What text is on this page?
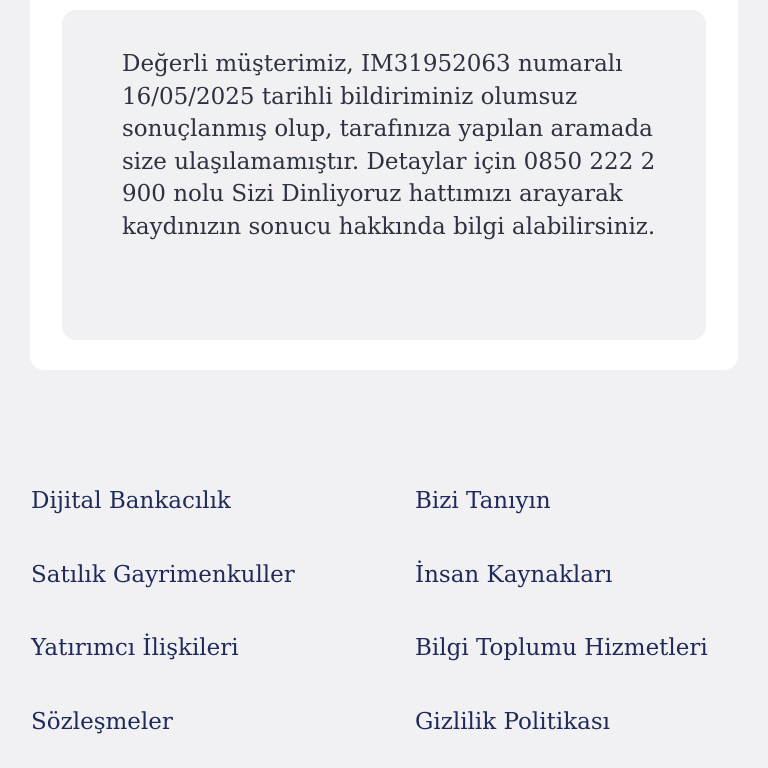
Değerli müşterimiz, IM31952063 numaralı 16/05/2025 tarihli bildiriminiz olumsuz sonuçlanmış olup, tarafınıza yapılan aramada size ulaşılamamıştır. Detaylar için 0850 222 2 900 nolu Sizi Dinliyoruz hattımızı arayarak kaydınızın sonucu hakkında bilgi alabilirsiniz.

Dijital Bankacılık	Bizi Tanıyın
Satılık Gayrimenkuller	İnsan Kaynakları
Yatırımcı İlişkileri	Bilgi Toplumu Hizmetleri
Sözleşmeler	Gizlilik Politikası
